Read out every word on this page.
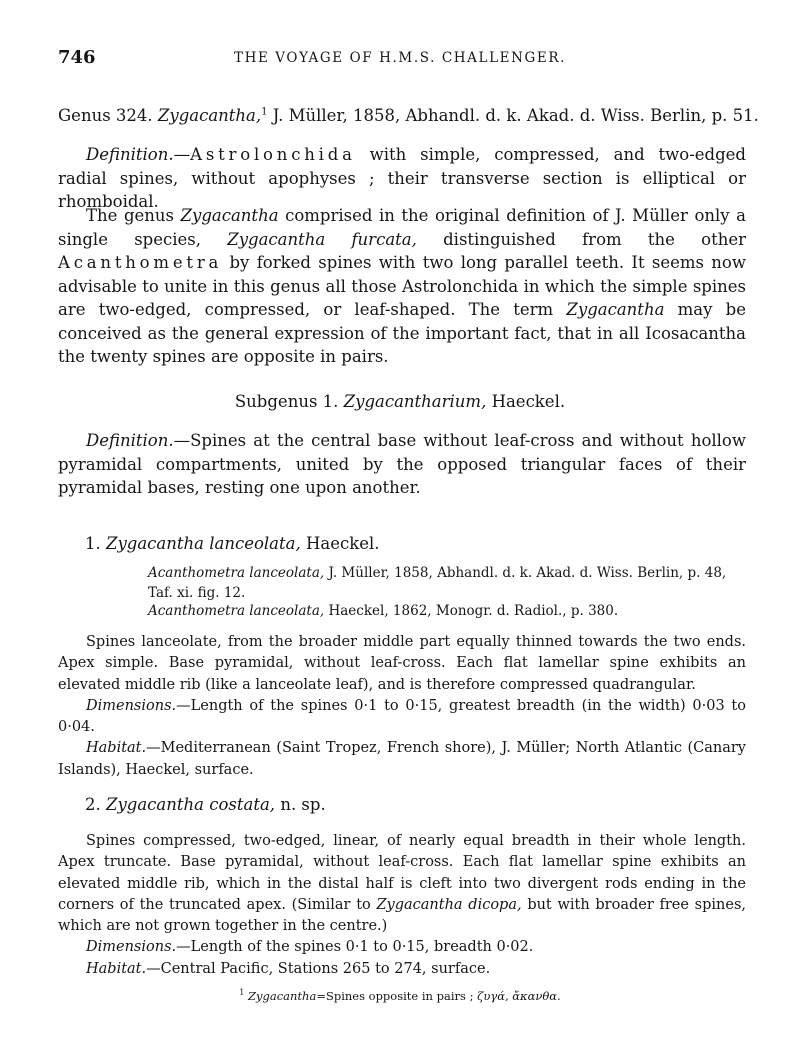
746	THE VOYAGE OF H.M.S. CHALLENGER.
Genus 324. Zygacantha,$^1$ J. Müller, 1858, Abhandl. d. k. Akad. d. Wiss. Berlin, p. 51.
Definition.—Astrolonchida with simple, compressed, and two-edged radial spines, without apophyses ; their transverse section is elliptical or rhomboidal.
The genus Zygacantha comprised in the original definition of J. Müller only a single species, Zygacantha furcata, distinguished from the other Acanthometra by forked spines with two long parallel teeth. It seems now advisable to unite in this genus all those Astrolonchida in which the simple spines are two-edged, compressed, or leaf-shaped. The term Zygacantha may be conceived as the general expression of the important fact, that in all Icosacantha the twenty spines are opposite in pairs.
Subgenus 1. Zygacantharium, Haeckel.
Definition.—Spines at the central base without leaf-cross and without hollow pyramidal compartments, united by the opposed triangular faces of their pyramidal bases, resting one upon another.
1. Zygacantha lanceolata, Haeckel.
Acanthometra lanceolata, J. Müller, 1858, Abhandl. d. k. Akad. d. Wiss. Berlin, p. 48, Taf. xi. fig. 12.
Acanthometra lanceolata, Haeckel, 1862, Monogr. d. Radiol., p. 380.

Spines lanceolate, from the broader middle part equally thinned towards the two ends. Apex simple. Base pyramidal, without leaf-cross. Each flat lamellar spine exhibits an elevated middle rib (like a lanceolate leaf), and is therefore compressed quadrangular.

Dimensions.—Length of the spines 0·1 to 0·15, greatest breadth (in the width) 0·03 to 0·04.

Habitat.—Mediterranean (Saint Tropez, French shore), J. Müller; North Atlantic (Canary Islands), Haeckel, surface.

2. Zygacantha costata, n. sp.

Spines compressed, two-edged, linear, of nearly equal breadth in their whole length. Apex truncate. Base pyramidal, without leaf-cross. Each flat lamellar spine exhibits an elevated middle rib, which in the distal half is cleft into two divergent rods ending in the corners of the truncated apex. (Similar to Zygacantha dicopa, but with broader free spines, which are not grown together in the centre.)

Dimensions.—Length of the spines 0·1 to 0·15, breadth 0·02.

Habitat.—Central Pacific, Stations 265 to 274, surface.

$^1$ Zygacantha=Spines opposite in pairs ; ζυγά, ἄκανθα.
